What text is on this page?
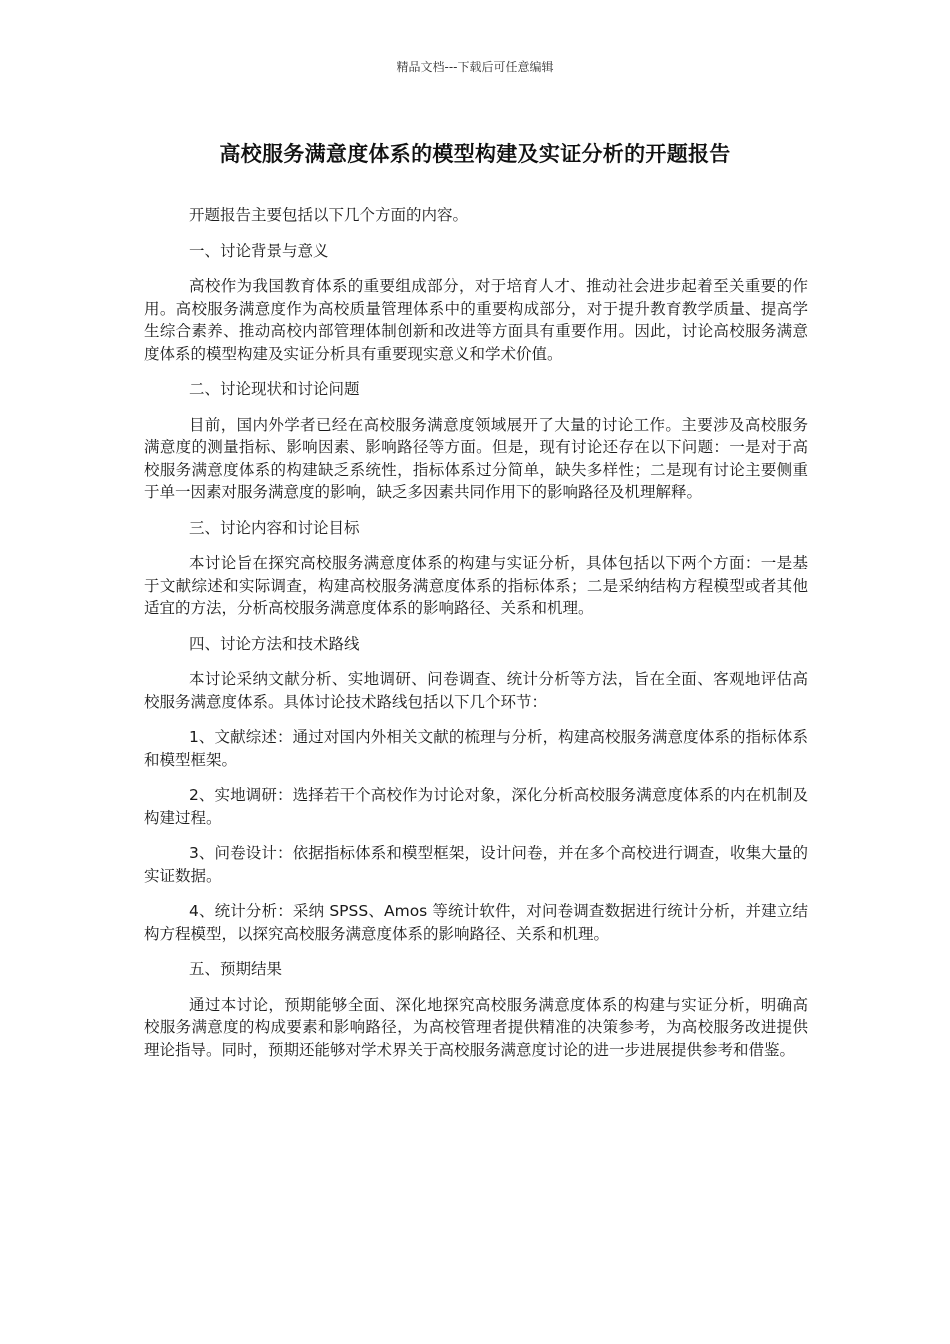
精品文档---下载后可任意编辑
高校服务满意度体系的模型构建及实证分析的开题报告

开题报告主要包括以下几个方面的内容。

一、讨论背景与意义

高校作为我国教育体系的重要组成部分，对于培育人才、推动社会进步起着至关重要的作用。高校服务满意度作为高校质量管理体系中的重要构成部分，对于提升教育教学质量、提高学生综合素养、推动高校内部管理体制创新和改进等方面具有重要作用。因此，讨论高校服务满意度体系的模型构建及实证分析具有重要现实意义和学术价值。

二、讨论现状和讨论问题

目前，国内外学者已经在高校服务满意度领域展开了大量的讨论工作。主要涉及高校服务满意度的测量指标、影响因素、影响路径等方面。但是，现有讨论还存在以下问题：一是对于高校服务满意度体系的构建缺乏系统性，指标体系过分简单，缺失多样性；二是现有讨论主要侧重于单一因素对服务满意度的影响，缺乏多因素共同作用下的影响路径及机理解释。

三、讨论内容和讨论目标

本讨论旨在探究高校服务满意度体系的构建与实证分析，具体包括以下两个方面：一是基于文献综述和实际调查，构建高校服务满意度体系的指标体系；二是采纳结构方程模型或者其他适宜的方法，分析高校服务满意度体系的影响路径、关系和机理。

四、讨论方法和技术路线

本讨论采纳文献分析、实地调研、问卷调查、统计分析等方法，旨在全面、客观地评估高校服务满意度体系。具体讨论技术路线包括以下几个环节：

1、文献综述：通过对国内外相关文献的梳理与分析，构建高校服务满意度体系的指标体系和模型框架。

2、实地调研：选择若干个高校作为讨论对象，深化分析高校服务满意度体系的内在机制及构建过程。

3、问卷设计：依据指标体系和模型框架，设计问卷，并在多个高校进行调查，收集大量的实证数据。

4、统计分析：采纳 SPSS、Amos 等统计软件，对问卷调查数据进行统计分析，并建立结构方程模型，以探究高校服务满意度体系的影响路径、关系和机理。

五、预期结果

通过本讨论，预期能够全面、深化地探究高校服务满意度体系的构建与实证分析，明确高校服务满意度的构成要素和影响路径，为高校管理者提供精准的决策参考，为高校服务改进提供理论指导。同时，预期还能够对学术界关于高校服务满意度讨论的进一步进展提供参考和借鉴。
